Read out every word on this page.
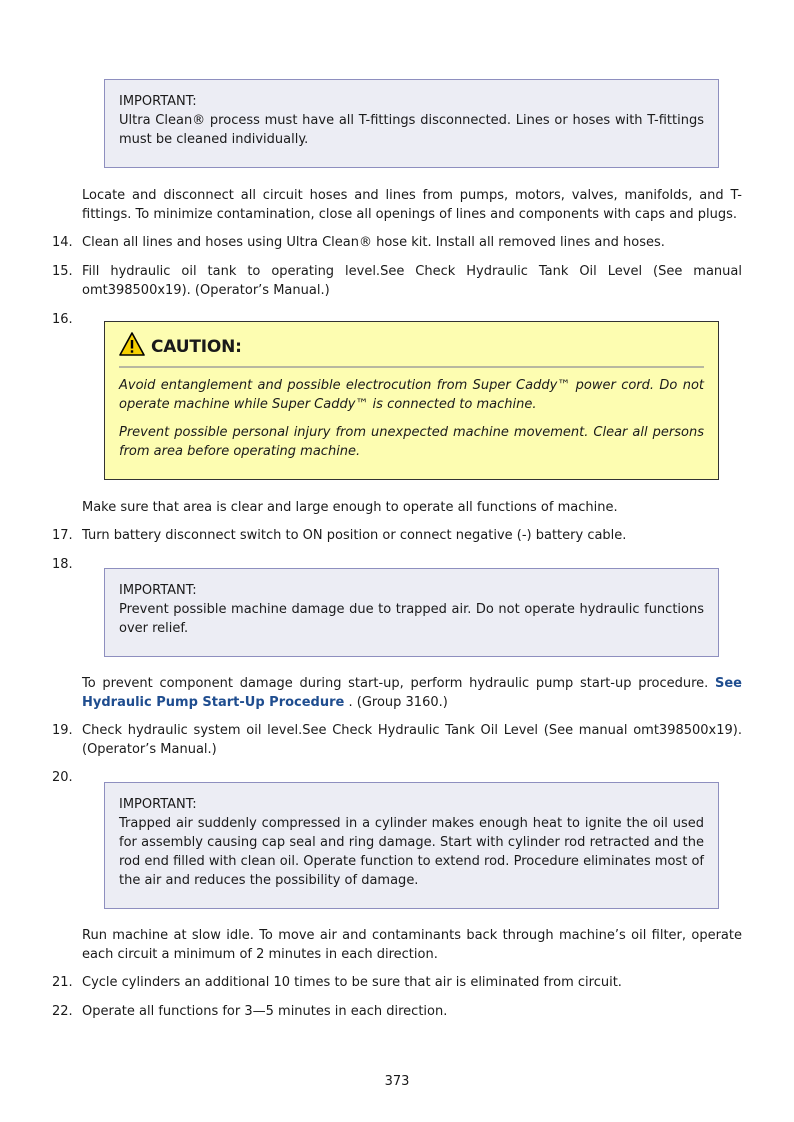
IMPORTANT:
Ultra Clean® process must have all T-fittings disconnected. Lines or hoses with T-fittings must be cleaned individually.
Locate and disconnect all circuit hoses and lines from pumps, motors, valves, manifolds, and T-fittings. To minimize contamination, close all openings of lines and components with caps and plugs.
14. Clean all lines and hoses using Ultra Clean® hose kit. Install all removed lines and hoses.
15. Fill hydraulic oil tank to operating level.See Check Hydraulic Tank Oil Level (See manual omt398500x19). (Operator’s Manual.)
16.
CAUTION:

Avoid entanglement and possible electrocution from Super Caddy™ power cord. Do not operate machine while Super Caddy™ is connected to machine.

Prevent possible personal injury from unexpected machine movement. Clear all persons from area before operating machine.

Make sure that area is clear and large enough to operate all functions of machine.
17. Turn battery disconnect switch to ON position or connect negative (-) battery cable.
18.
IMPORTANT:
Prevent possible machine damage due to trapped air. Do not operate hydraulic functions over relief.
To prevent component damage during start-up, perform hydraulic pump start-up procedure. See Hydraulic Pump Start-Up Procedure . (Group 3160.)
19. Check hydraulic system oil level.See Check Hydraulic Tank Oil Level (See manual omt398500x19). (Operator’s Manual.)
20.
IMPORTANT:
Trapped air suddenly compressed in a cylinder makes enough heat to ignite the oil used for assembly causing cap seal and ring damage. Start with cylinder rod retracted and the rod end filled with clean oil. Operate function to extend rod. Procedure eliminates most of the air and reduces the possibility of damage.
Run machine at slow idle. To move air and contaminants back through machine’s oil filter, operate each circuit a minimum of 2 minutes in each direction.
21. Cycle cylinders an additional 10 times to be sure that air is eliminated from circuit.
22. Operate all functions for 3—5 minutes in each direction.
373
